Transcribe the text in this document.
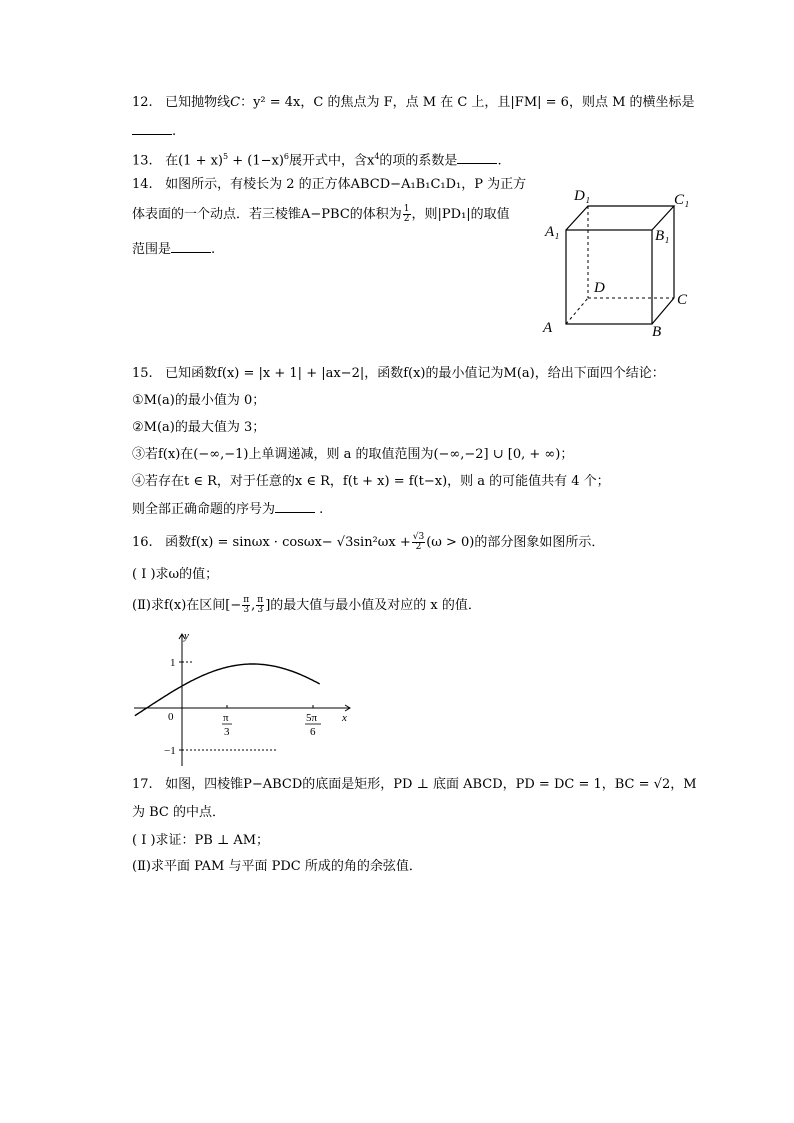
12. 已知抛物线C：y² = 4x，C 的焦点为 F，点 M 在 C 上，且|FM| = 6，则点 M 的横坐标是
.
13. 在$(1 + x)^5 + (1-x)^6$展开式中，含$x^4$的项的系数是	.
14. 如图所示，有棱长为 2 的正方体ABCD−A₁B₁C₁D₁，P 为正方
体表面的一个动点．若三棱锥A−PBC的体积为 $\frac{1}{2}$ ，则|PD₁|的取值
范围是	.
D₁	C₁
A₁	B₁
D
C
A	B
15. 已知函数f(x) = |x + 1| + |ax−2|，函数f(x)的最小值记为M(a)，给出下面四个结论：
①M(a)的最小值为 0；
②M(a)的最大值为 3；
③若f(x)在(−∞,−1)上单调递减，则 a 的取值范围为(−∞,−2] ∪ [0, + ∞)；
④若存在t ∈ R，对于任意的x ∈ R，f(t + x) = f(t−x)，则 a 的可能值共有 4 个；
则全部正确命题的序号为	.
16. 函数$f(x) = \sin\omega x \cdot \cos\omega x- √3\sin^2\omega x + \frac{√3}{2} (\omega > 0)$的部分图象如图所示．
( Ⅰ )求ω的值；
(Ⅱ)求f(x)在区间[− $\frac{\pi}{3}$ , $\frac{\pi}{3}$ ]的最大值与最小值及对应的 x 的值．
y
x
1
−1
0	π
3
5π
6
17. 如图，四棱锥P−ABCD的底面是矩形，PD ⊥ 底面 ABCD，PD = DC = 1，BC = √2，M
为 BC 的中点．
( Ⅰ )求证：PB ⊥ AM；
(Ⅱ)求平面 PAM 与平面 PDC 所成的角的余弦值．
